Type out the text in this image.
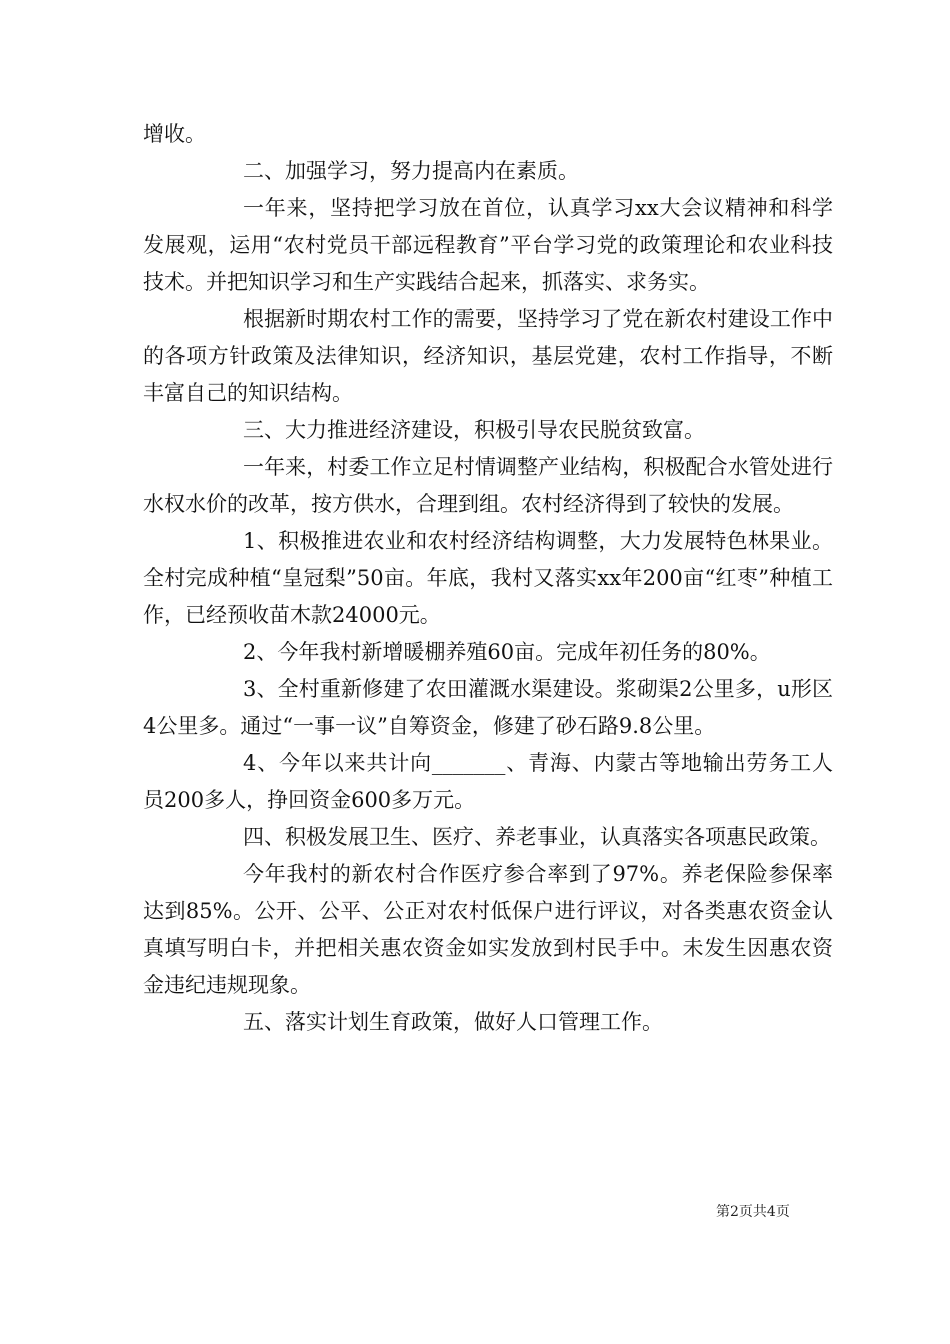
增收。

二、加强学习，努力提高内在素质。

一年来，坚持把学习放在首位，认真学习xx大会议精神和科学发展观，运用“农村党员干部远程教育”平台学习党的政策理论和农业科技技术。并把知识学习和生产实践结合起来，抓落实、求务实。

根据新时期农村工作的需要，坚持学习了党在新农村建设工作中的各项方针政策及法律知识，经济知识，基层党建，农村工作指导，不断丰富自己的知识结构。

三、大力推进经济建设，积极引导农民脱贫致富。

一年来，村委工作立足村情调整产业结构，积极配合水管处进行水权水价的改革，按方供水，合理到组。农村经济得到了较快的发展。

1、积极推进农业和农村经济结构调整，大力发展特色林果业。全村完成种植“皇冠梨”50亩。年底，我村又落实xx年200亩“红枣”种植工作，已经预收苗木款24000元。

2、今年我村新增暖棚养殖60亩。完成年初任务的80%。

3、全村重新修建了农田灌溉水渠建设。浆砌渠2公里多，u形区4公里多。通过“一事一议”自筹资金，修建了砂石路9.8公里。

4、今年以来共计向_______、青海、内蒙古等地输出劳务工人员200多人，挣回资金600多万元。

四、积极发展卫生、医疗、养老事业，认真落实各项惠民政策。

今年我村的新农村合作医疗参合率到了97%。养老保险参保率达到85%。公开、公平、公正对农村低保户进行评议，对各类惠农资金认真填写明白卡，并把相关惠农资金如实发放到村民手中。未发生因惠农资金违纪违规现象。

五、落实计划生育政策，做好人口管理工作。

第2页共4页
